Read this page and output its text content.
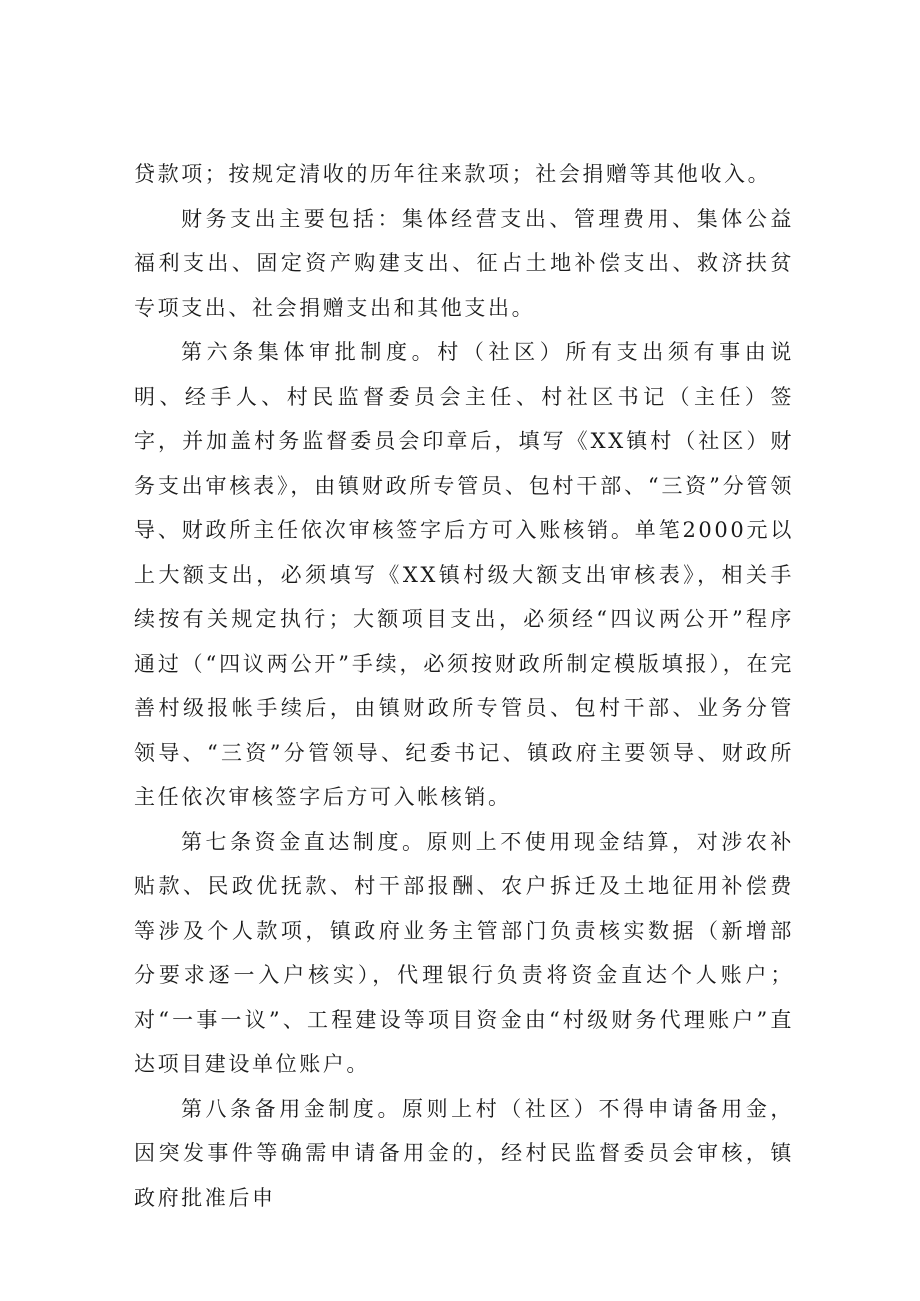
贷款项；按规定清收的历年往来款项；社会捐赠等其他收入。

财务支出主要包括：集体经营支出、管理费用、集体公益福利支出、固定资产购建支出、征占土地补偿支出、救济扶贫专项支出、社会捐赠支出和其他支出。

第六条集体审批制度。村（社区）所有支出须有事由说明、经手人、村民监督委员会主任、村社区书记（主任）签字，并加盖村务监督委员会印章后，填写《XX镇村（社区）财务支出审核表》，由镇财政所专管员、包村干部、“三资”分管领导、财政所主任依次审核签字后方可入账核销。单笔2000元以上大额支出，必须填写《XX镇村级大额支出审核表》，相关手续按有关规定执行；大额项目支出，必须经“四议两公开”程序通过（“四议两公开”手续，必须按财政所制定模版填报），在完善村级报帐手续后，由镇财政所专管员、包村干部、业务分管领导、“三资”分管领导、纪委书记、镇政府主要领导、财政所主任依次审核签字后方可入帐核销。

第七条资金直达制度。原则上不使用现金结算，对涉农补贴款、民政优抚款、村干部报酬、农户拆迁及土地征用补偿费等涉及个人款项，镇政府业务主管部门负责核实数据（新增部分要求逐一入户核实），代理银行负责将资金直达个人账户；对“一事一议”、工程建设等项目资金由“村级财务代理账户”直达项目建设单位账户。

第八条备用金制度。原则上村（社区）不得申请备用金，因突发事件等确需申请备用金的，经村民监督委员会审核，镇政府批准后申
